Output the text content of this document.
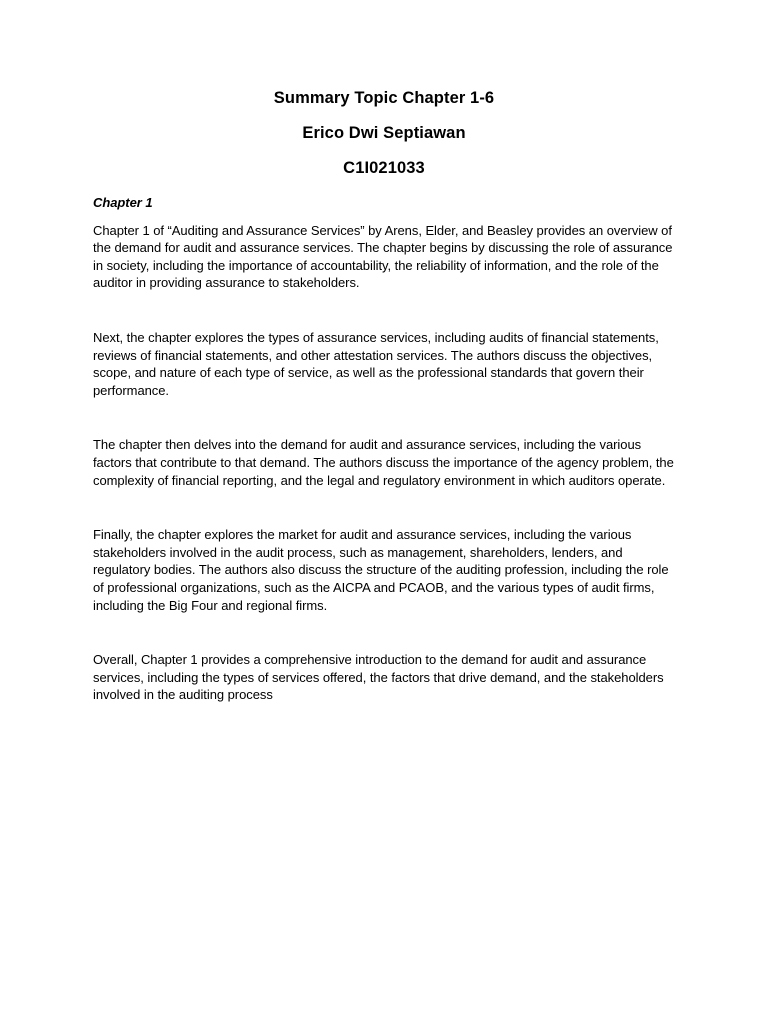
Summary Topic Chapter 1-6
Erico Dwi Septiawan
C1I021033
Chapter 1

Chapter 1 of “Auditing and Assurance Services” by Arens, Elder, and Beasley provides an overview of the demand for audit and assurance services. The chapter begins by discussing the role of assurance in society, including the importance of accountability, the reliability of information, and the role of the auditor in providing assurance to stakeholders.

Next, the chapter explores the types of assurance services, including audits of financial statements, reviews of financial statements, and other attestation services. The authors discuss the objectives, scope, and nature of each type of service, as well as the professional standards that govern their performance.

The chapter then delves into the demand for audit and assurance services, including the various factors that contribute to that demand. The authors discuss the importance of the agency problem, the complexity of financial reporting, and the legal and regulatory environment in which auditors operate.

Finally, the chapter explores the market for audit and assurance services, including the various stakeholders involved in the audit process, such as management, shareholders, lenders, and regulatory bodies. The authors also discuss the structure of the auditing profession, including the role of professional organizations, such as the AICPA and PCAOB, and the various types of audit firms, including the Big Four and regional firms.

Overall, Chapter 1 provides a comprehensive introduction to the demand for audit and assurance services, including the types of services offered, the factors that drive demand, and the stakeholders involved in the auditing process
